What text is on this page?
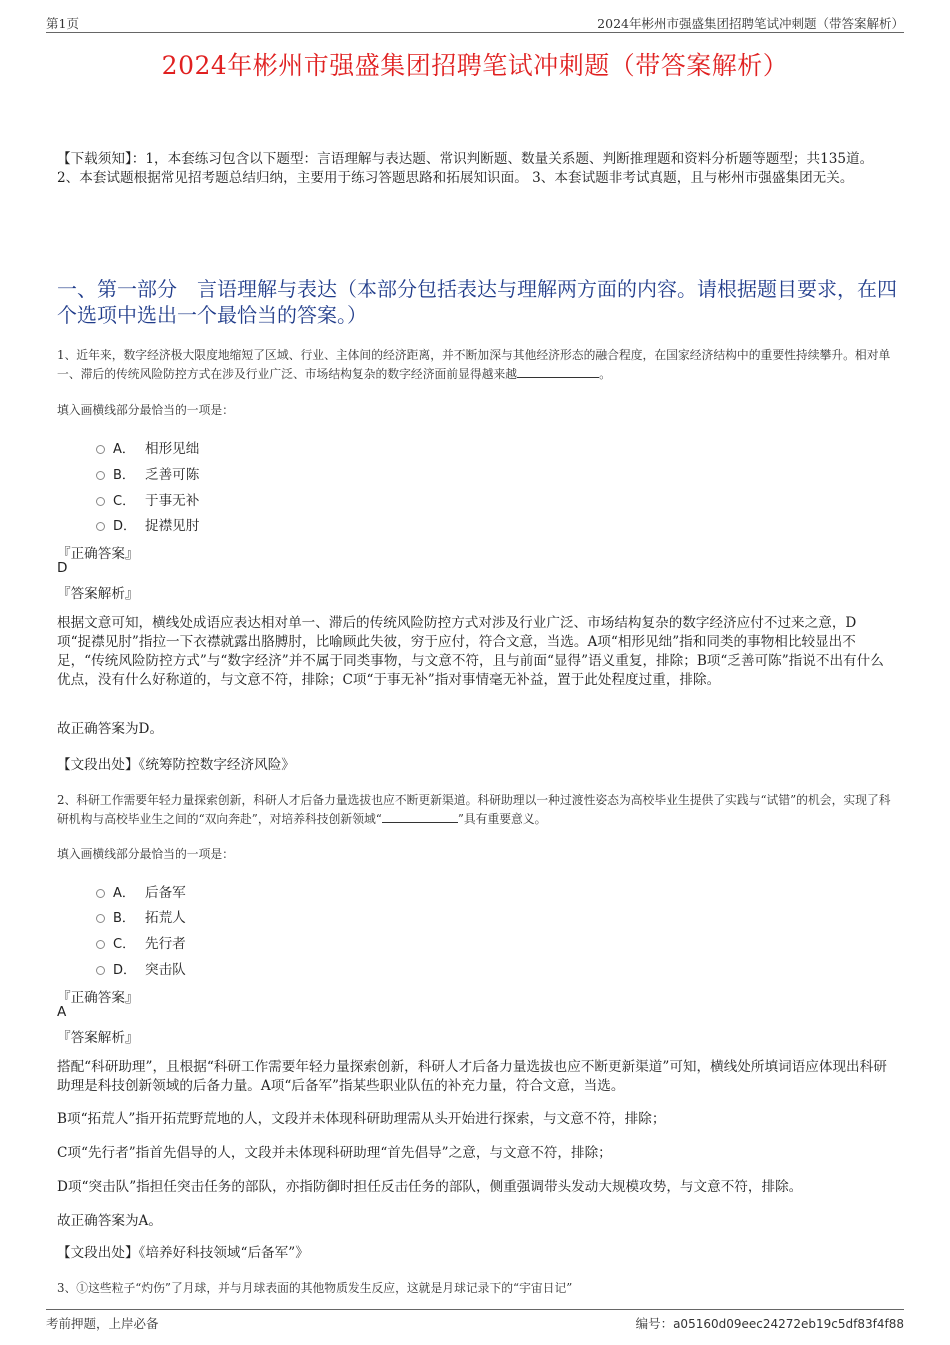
第1页	2024年彬州市强盛集团招聘笔试冲刺题（带答案解析）
2024年彬州市强盛集团招聘笔试冲刺题（带答案解析）
【下载须知】：1，本套练习包含以下题型：言语理解与表达题、常识判断题、数量关系题、判断推理题和资料分析题等题型；共135道。 2、本套试题根据常见招考题总结归纳，主要用于练习答题思路和拓展知识面。 3、本套试题非考试真题，且与彬州市强盛集团无关。
一、第一部分　言语理解与表达（本部分包括表达与理解两方面的内容。请根据题目要求，在四个选项中选出一个最恰当的答案。）
1、近年来，数字经济极大限度地缩短了区域、行业、主体间的经济距离，并不断加深与其他经济形态的融合程度，在国家经济结构中的重要性持续攀升。相对单一、滞后的传统风险防控方式在涉及行业广泛、市场结构复杂的数字经济面前显得越来越	。
填入画横线部分最恰当的一项是：
A． 相形见绌
B． 乏善可陈
C． 于事无补
D． 捉襟见肘
『正确答案』
D
『答案解析』
根据文意可知，横线处成语应表达相对单一、滞后的传统风险防控方式对涉及行业广泛、市场结构复杂的数字经济应付不过来之意，D项“捉襟见肘”指拉一下衣襟就露出胳膊肘，比喻顾此失彼，穷于应付，符合文意，当选。A项“相形见绌”指和同类的事物相比较显出不足，“传统风险防控方式”与“数字经济”并不属于同类事物，与文意不符，且与前面“显得”语义重复，排除；B项“乏善可陈”指说不出有什么优点，没有什么好称道的，与文意不符，排除；C项“于事无补”指对事情毫无补益，置于此处程度过重，排除。
故正确答案为D。
【文段出处】《统筹防控数字经济风险》
2、科研工作需要年轻力量探索创新，科研人才后备力量选拔也应不断更新渠道。科研助理以一种过渡性姿态为高校毕业生提供了实践与“试错”的机会，实现了科研机构与高校毕业生之间的“双向奔赴”，对培养科技创新领域“	”具有重要意义。
填入画横线部分最恰当的一项是：
A． 后备军
B． 拓荒人
C． 先行者
D． 突击队
『正确答案』
A
『答案解析』
搭配“科研助理”，且根据“科研工作需要年轻力量探索创新，科研人才后备力量选拔也应不断更新渠道”可知，横线处所填词语应体现出科研助理是科技创新领域的后备力量。A项“后备军”指某些职业队伍的补充力量，符合文意，当选。
B项“拓荒人”指开拓荒野荒地的人，文段并未体现科研助理需从头开始进行探索，与文意不符，排除；
C项“先行者”指首先倡导的人，文段并未体现科研助理“首先倡导”之意，与文意不符，排除；
D项“突击队”指担任突击任务的部队，亦指防御时担任反击任务的部队，侧重强调带头发动大规模攻势，与文意不符，排除。
故正确答案为A。
【文段出处】《培养好科技领域“后备军”》
3、①这些粒子“灼伤”了月球，并与月球表面的其他物质发生反应，这就是月球记录下的“宇宙日记”
考前押题，上岸必备	编号：a05160d09eec24272eb19c5df83f4f88
